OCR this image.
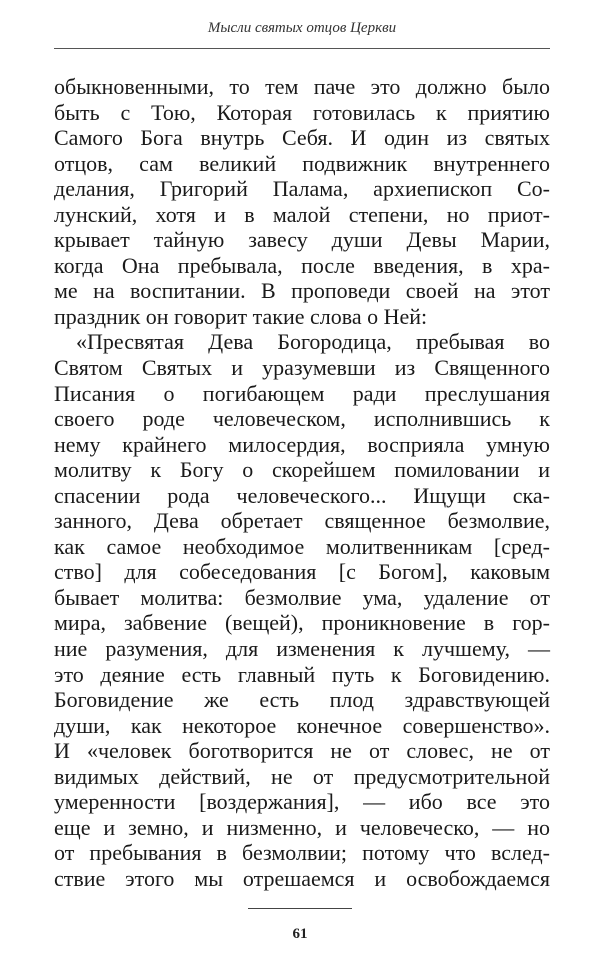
Мысли святых отцов Церкви
обыкновенными, то тем паче это должно было
быть с Тою, Которая готовилась к приятию
Самого Бога внутрь Себя. И один из святых
отцов, сам великий подвижник внутреннего
делания, Григорий Палама, архиепископ Со-
лунский, хотя и в малой степени, но приот-
крывает тайную завесу души Девы Марии,
когда Она пребывала, после введения, в хра-
ме на воспитании. В проповеди своей на этот
праздник он говорит такие слова о Ней:
«Пресвятая Дева Богородица, пребывая во
Святом Святых и уразумевши из Священного
Писания о погибающем ради преслушания
своего роде человеческом, исполнившись к
нему крайнего милосердия, восприяла умную
молитву к Богу о скорейшем помиловании и
спасении рода человеческого... Ищущи ска-
занного, Дева обретает священное безмолвие,
как самое необходимое молитвенникам [сред-
ство] для собеседования [с Богом], каковым
бывает молитва: безмолвие ума, удаление от
мира, забвение (вещей), проникновение в гор-
ние разумения, для изменения к лучшему, —
это деяние есть главный путь к Боговидению.
Боговидение же есть плод здравствующей
души, как некоторое конечное совершенство».
И «человек боготворится не от словес, не от
видимых действий, не от предусмотрительной
умеренности [воздержания], — ибо все это
еще и земно, и низменно, и человеческо, — но
от пребывания в безмолвии; потому что вслед-
ствие этого мы отрешаемся и освобождаемся
61
